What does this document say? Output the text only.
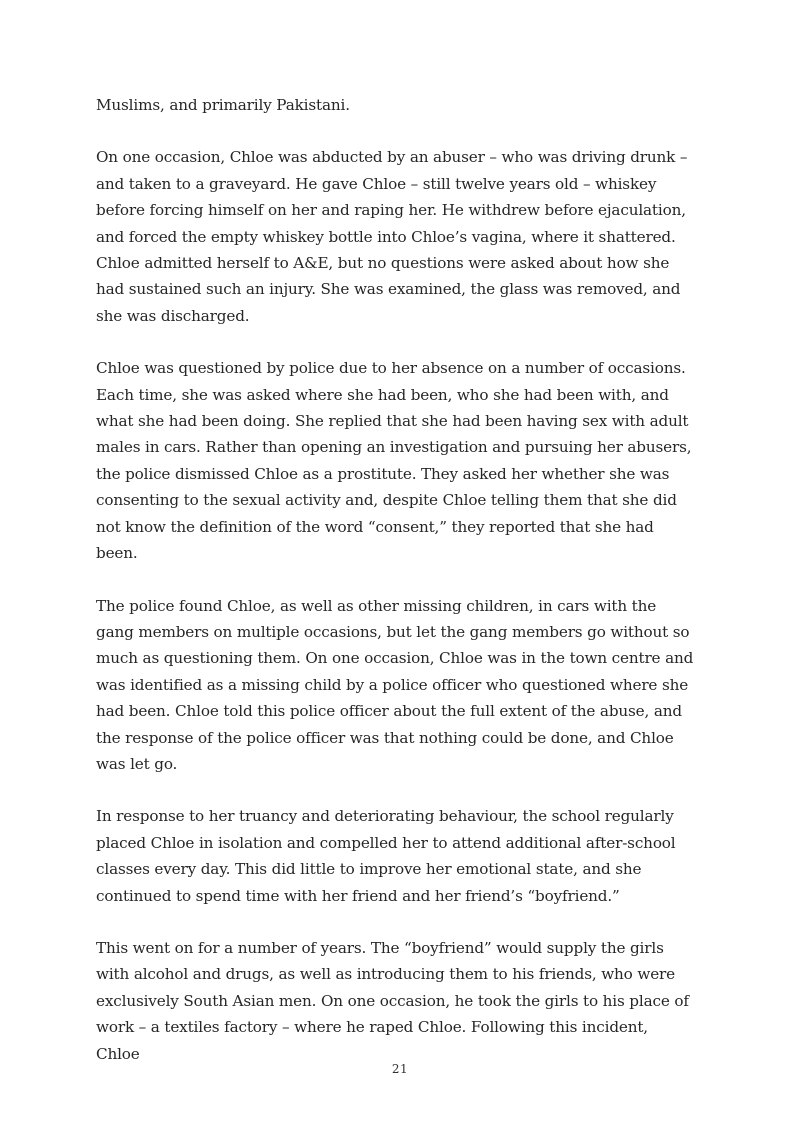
Muslims, and primarily Pakistani.

On one occasion, Chloe was abducted by an abuser – who was driving drunk – and taken to a graveyard. He gave Chloe – still twelve years old – whiskey before forcing himself on her and raping her. He withdrew before ejaculation, and forced the empty whiskey bottle into Chloe’s vagina, where it shattered. Chloe admitted herself to A&E, but no questions were asked about how she had sustained such an injury. She was examined, the glass was removed, and she was discharged.

Chloe was questioned by police due to her absence on a number of occasions. Each time, she was asked where she had been, who she had been with, and what she had been doing. She replied that she had been having sex with adult males in cars. Rather than opening an investigation and pursuing her abusers, the police dismissed Chloe as a prostitute. They asked her whether she was consenting to the sexual activity and, despite Chloe telling them that she did not know the definition of the word “consent,” they reported that she had been.

The police found Chloe, as well as other missing children, in cars with the gang members on multiple occasions, but let the gang members go without so much as questioning them. On one occasion, Chloe was in the town centre and was identified as a missing child by a police officer who questioned where she had been. Chloe told this police officer about the full extent of the abuse, and the response of the police officer was that nothing could be done, and Chloe was let go.

In response to her truancy and deteriorating behaviour, the school regularly placed Chloe in isolation and compelled her to attend additional after-school classes every day. This did little to improve her emotional state, and she continued to spend time with her friend and her friend’s “boyfriend.”

This went on for a number of years. The “boyfriend” would supply the girls with alcohol and drugs, as well as introducing them to his friends, who were exclusively South Asian men. On one occasion, he took the girls to his place of work – a textiles factory – where he raped Chloe. Following this incident, Chloe

21
